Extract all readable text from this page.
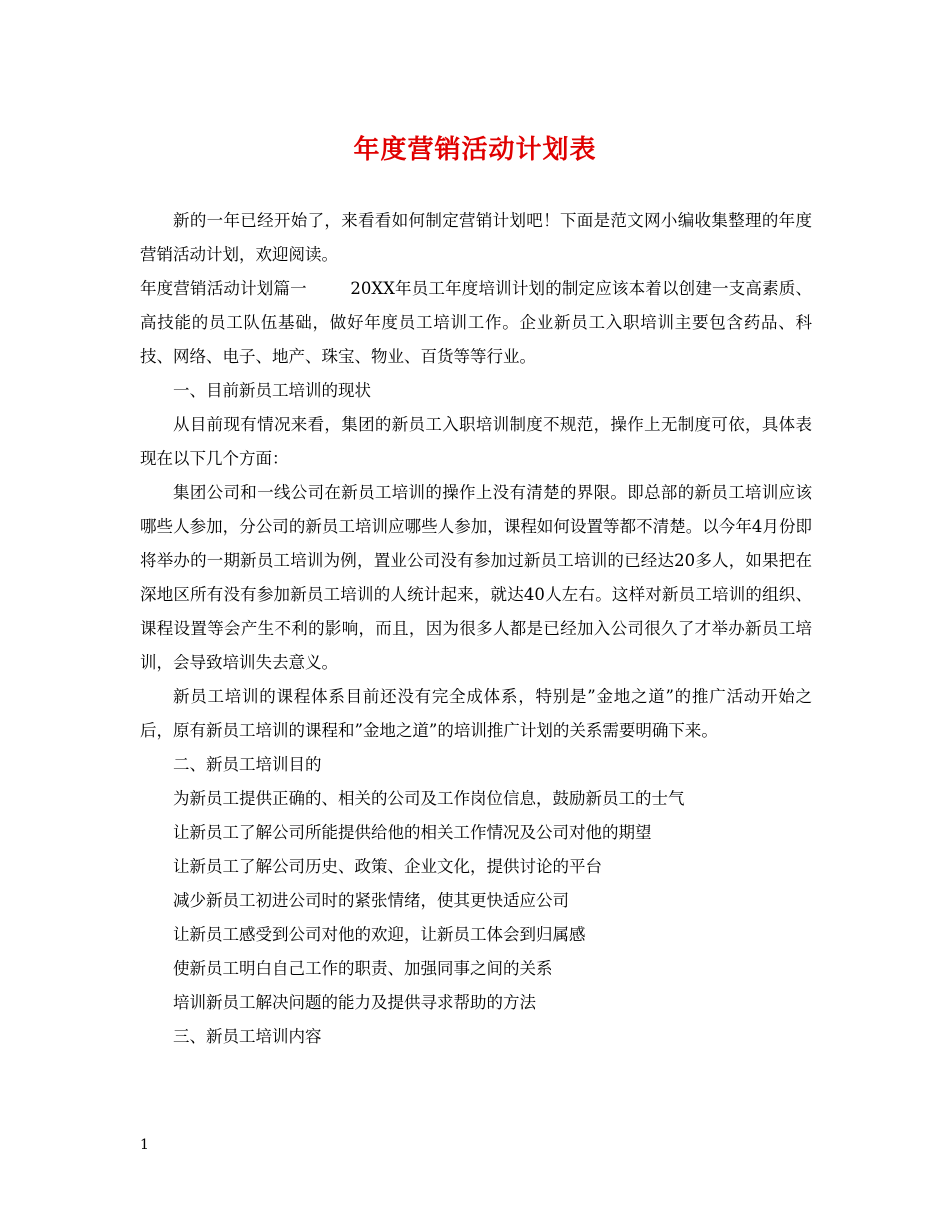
年度营销活动计划表

新的一年已经开始了，来看看如何制定营销计划吧！下面是范文网小编收集整理的年度营销活动计划，欢迎阅读。

年度营销活动计划篇一        20XX年员工年度培训计划的制定应该本着以创建一支高素质、高技能的员工队伍基础，做好年度员工培训工作。企业新员工入职培训主要包含药品、科技、网络、电子、地产、珠宝、物业、百货等等行业。

一、目前新员工培训的现状

从目前现有情况来看，集团的新员工入职培训制度不规范，操作上无制度可依，具体表现在以下几个方面：

集团公司和一线公司在新员工培训的操作上没有清楚的界限。即总部的新员工培训应该哪些人参加，分公司的新员工培训应哪些人参加，课程如何设置等都不清楚。以今年4月份即将举办的一期新员工培训为例，置业公司没有参加过新员工培训的已经达20多人，如果把在深地区所有没有参加新员工培训的人统计起来，就达40人左右。这样对新员工培训的组织、课程设置等会产生不利的影响，而且，因为很多人都是已经加入公司很久了才举办新员工培训，会导致培训失去意义。

新员工培训的课程体系目前还没有完全成体系，特别是”金地之道”的推广活动开始之后，原有新员工培训的课程和”金地之道”的培训推广计划的关系需要明确下来。

二、新员工培训目的

为新员工提供正确的、相关的公司及工作岗位信息，鼓励新员工的士气

让新员工了解公司所能提供给他的相关工作情况及公司对他的期望

让新员工了解公司历史、政策、企业文化，提供讨论的平台

减少新员工初进公司时的紧张情绪，使其更快适应公司

让新员工感受到公司对他的欢迎，让新员工体会到归属感

使新员工明白自己工作的职责、加强同事之间的关系

培训新员工解决问题的能力及提供寻求帮助的方法

三、新员工培训内容

1
